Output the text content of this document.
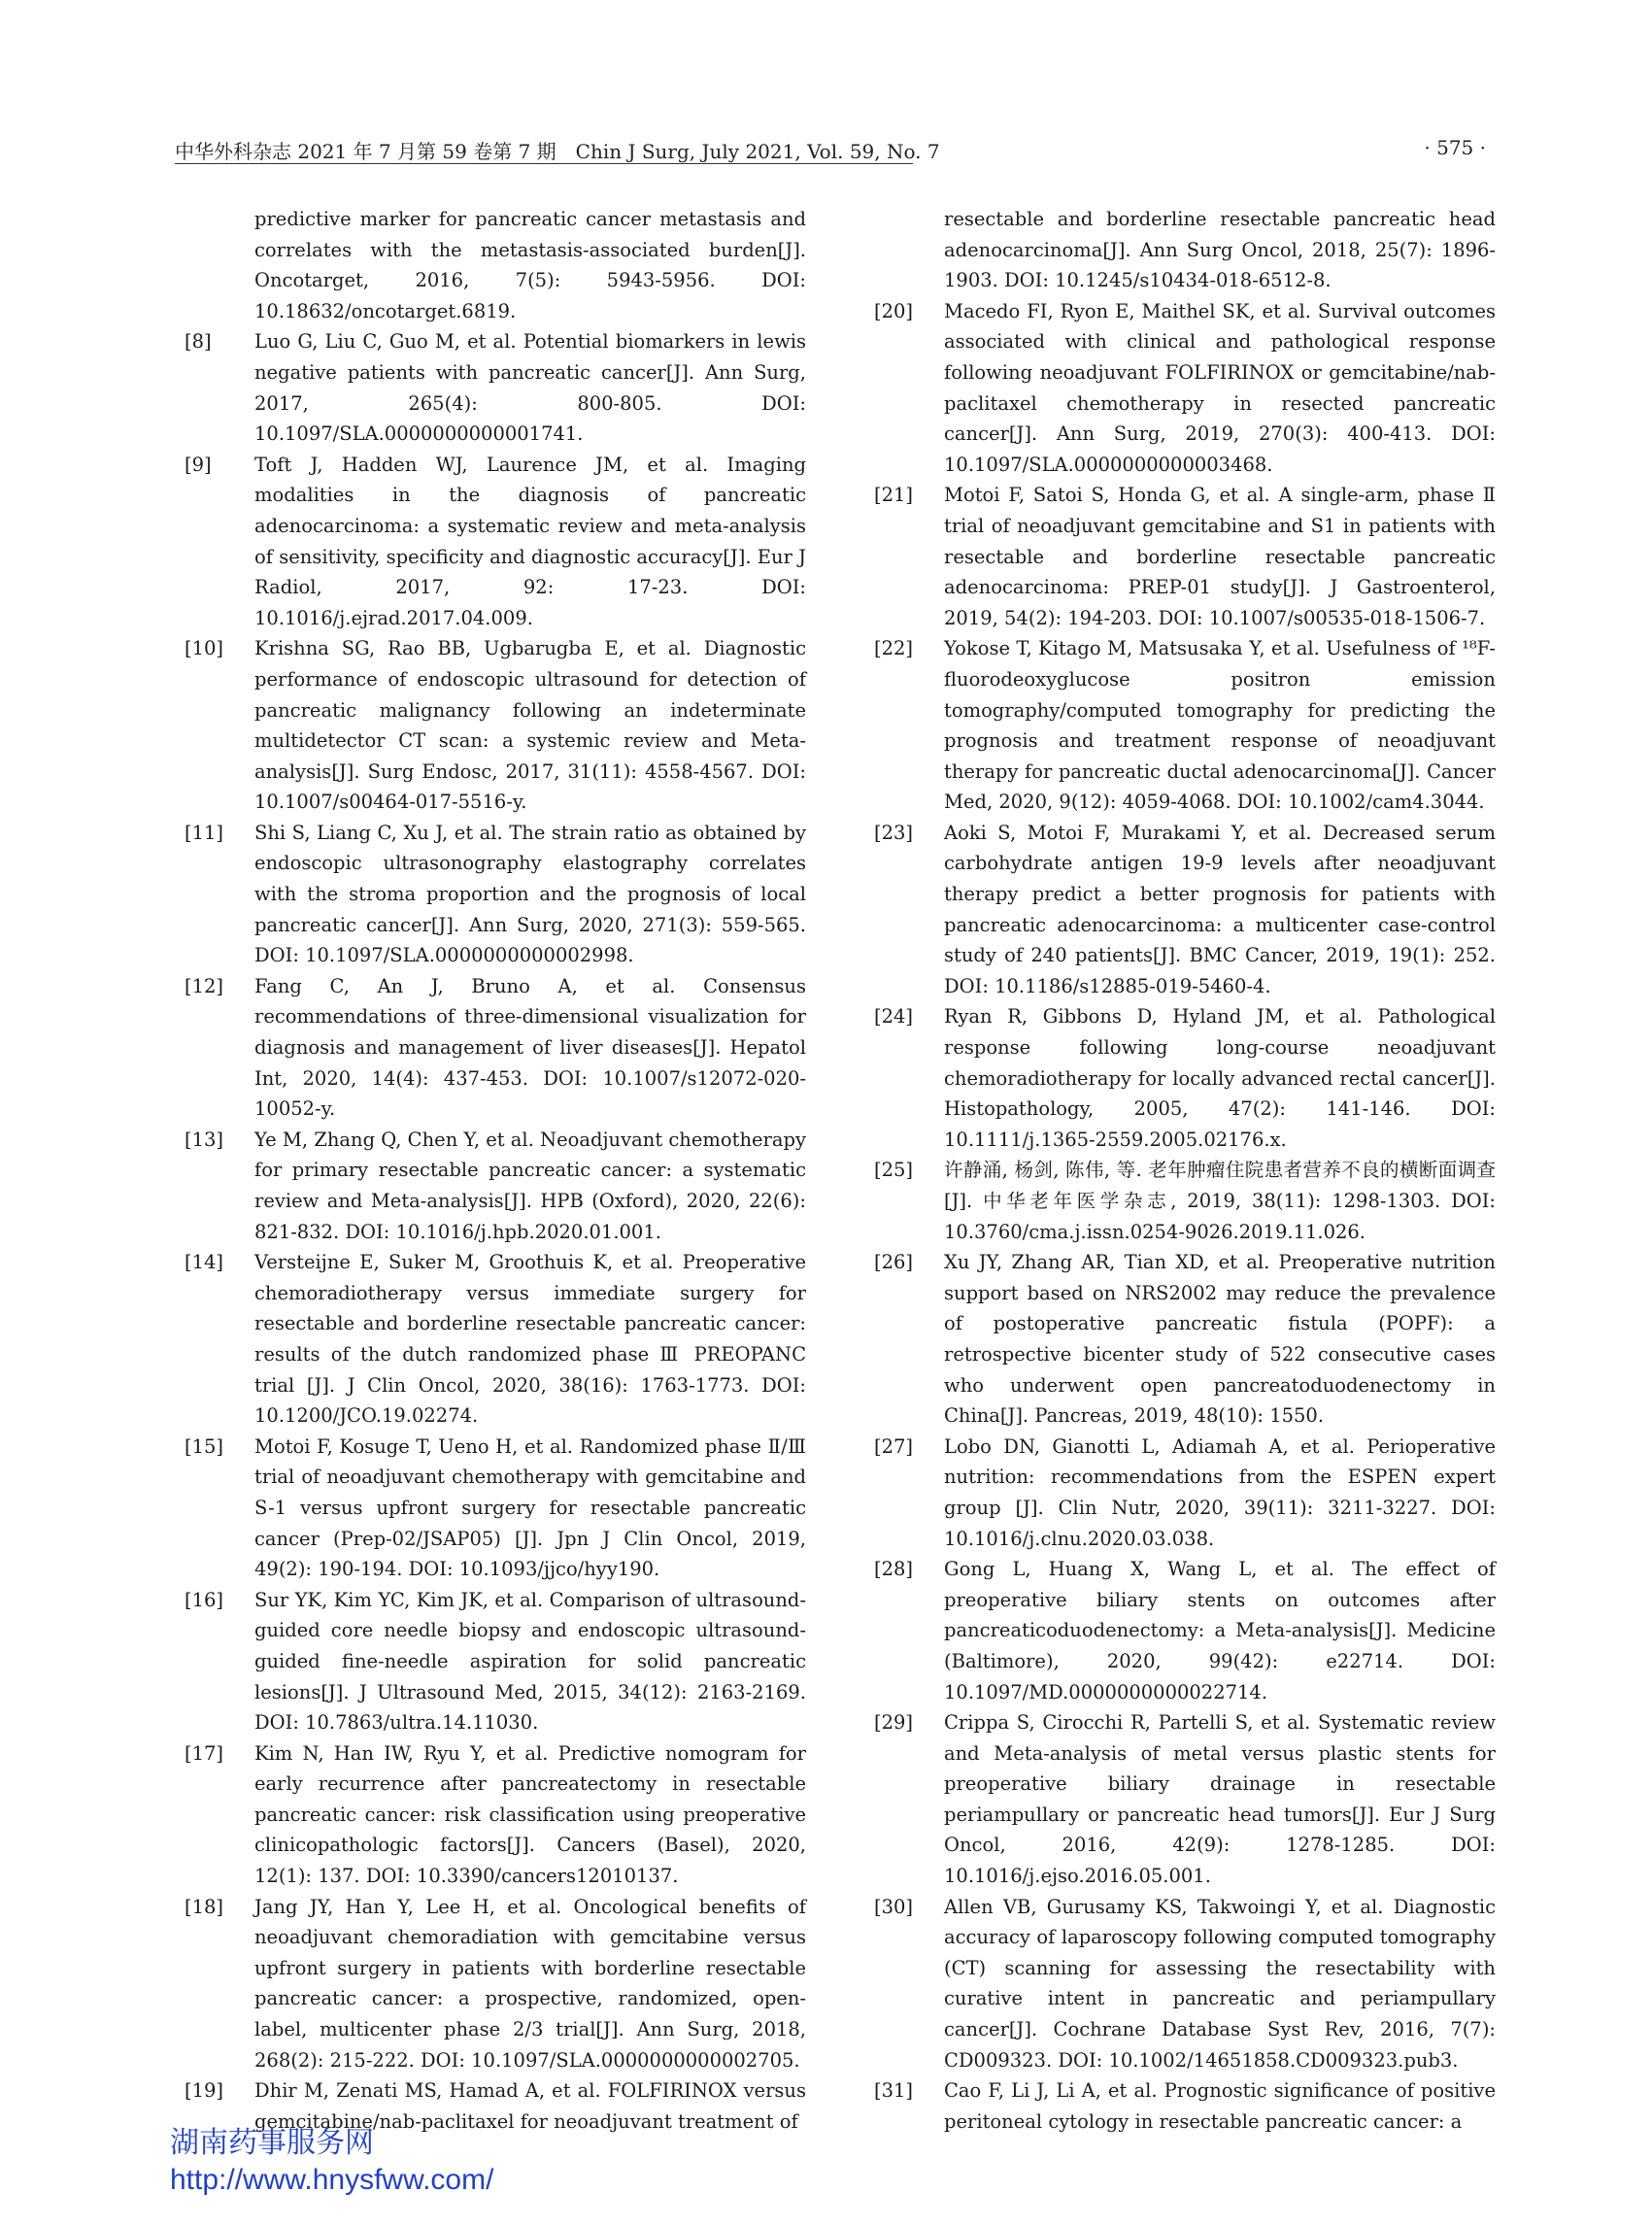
中华外科杂志 2021 年 7 月第 59 卷第 7 期　Chin J Surg, July 2021, Vol. 59, No. 7	· 575 ·
predictive marker for pancreatic cancer metastasis and correlates with the metastasis-associated burden[J]. Oncotarget, 2016, 7(5): 5943-5956. DOI: 10.18632/oncotarget.6819.
[8]	Luo G, Liu C, Guo M, et al. Potential biomarkers in lewis negative patients with pancreatic cancer[J]. Ann Surg, 2017, 265(4): 800-805. DOI: 10.1097/SLA.0000000000001741.
[9]	Toft J, Hadden WJ, Laurence JM, et al. Imaging modalities in the diagnosis of pancreatic adenocarcinoma: a systematic review and meta-analysis of sensitivity, specificity and diagnostic accuracy[J]. Eur J Radiol, 2017, 92: 17-23. DOI: 10.1016/j.ejrad.2017.04.009.
[10]	Krishna SG, Rao BB, Ugbarugba E, et al. Diagnostic performance of endoscopic ultrasound for detection of pancreatic malignancy following an indeterminate multidetector CT scan: a systemic review and Meta-analysis[J]. Surg Endosc, 2017, 31(11): 4558-4567. DOI: 10.1007/s00464-017-5516-y.
[11]	Shi S, Liang C, Xu J, et al. The strain ratio as obtained by endoscopic ultrasonography elastography correlates with the stroma proportion and the prognosis of local pancreatic cancer[J]. Ann Surg, 2020, 271(3): 559-565. DOI: 10.1097/SLA.0000000000002998.
[12]	Fang C, An J, Bruno A, et al. Consensus recommendations of three-dimensional visualization for diagnosis and management of liver diseases[J]. Hepatol Int, 2020, 14(4): 437-453. DOI: 10.1007/s12072-020-10052-y.
[13]	Ye M, Zhang Q, Chen Y, et al. Neoadjuvant chemotherapy for primary resectable pancreatic cancer: a systematic review and Meta-analysis[J]. HPB (Oxford), 2020, 22(6): 821-832. DOI: 10.1016/j.hpb.2020.01.001.
[14]	Versteijne E, Suker M, Groothuis K, et al. Preoperative chemoradiotherapy versus immediate surgery for resectable and borderline resectable pancreatic cancer: results of the dutch randomized phase Ⅲ PREOPANC trial [J]. J Clin Oncol, 2020, 38(16): 1763-1773. DOI: 10.1200/JCO.19.02274.
[15]	Motoi F, Kosuge T, Ueno H, et al. Randomized phase Ⅱ/Ⅲ trial of neoadjuvant chemotherapy with gemcitabine and S-1 versus upfront surgery for resectable pancreatic cancer (Prep-02/JSAP05) [J]. Jpn J Clin Oncol, 2019, 49(2): 190-194. DOI: 10.1093/jjco/hyy190.
[16]	Sur YK, Kim YC, Kim JK, et al. Comparison of ultrasound-guided core needle biopsy and endoscopic ultrasound-guided fine-needle aspiration for solid pancreatic lesions[J]. J Ultrasound Med, 2015, 34(12): 2163-2169. DOI: 10.7863/ultra.14.11030.
[17]	Kim N, Han IW, Ryu Y, et al. Predictive nomogram for early recurrence after pancreatectomy in resectable pancreatic cancer: risk classification using preoperative clinicopathologic factors[J]. Cancers (Basel), 2020, 12(1): 137. DOI: 10.3390/cancers12010137.
[18]	Jang JY, Han Y, Lee H, et al. Oncological benefits of neoadjuvant chemoradiation with gemcitabine versus upfront surgery in patients with borderline resectable pancreatic cancer: a prospective, randomized, open-label, multicenter phase 2/3 trial[J]. Ann Surg, 2018, 268(2): 215-222. DOI: 10.1097/SLA.0000000000002705.
[19]	Dhir M, Zenati MS, Hamad A, et al. FOLFIRINOX versus gemcitabine/nab-paclitaxel for neoadjuvant treatment of
resectable and borderline resectable pancreatic head adenocarcinoma[J]. Ann Surg Oncol, 2018, 25(7): 1896-1903. DOI: 10.1245/s10434-018-6512-8.
[20]	Macedo FI, Ryon E, Maithel SK, et al. Survival outcomes associated with clinical and pathological response following neoadjuvant FOLFIRINOX or gemcitabine/nab-paclitaxel chemotherapy in resected pancreatic cancer[J]. Ann Surg, 2019, 270(3): 400-413. DOI: 10.1097/SLA.0000000000003468.
[21]	Motoi F, Satoi S, Honda G, et al. A single-arm, phase Ⅱ trial of neoadjuvant gemcitabine and S1 in patients with resectable and borderline resectable pancreatic adenocarcinoma: PREP-01 study[J]. J Gastroenterol, 2019, 54(2): 194-203. DOI: 10.1007/s00535-018-1506-7.
[22]	Yokose T, Kitago M, Matsusaka Y, et al. Usefulness of ¹⁸F-fluorodeoxyglucose positron emission tomography/computed tomography for predicting the prognosis and treatment response of neoadjuvant therapy for pancreatic ductal adenocarcinoma[J]. Cancer Med, 2020, 9(12): 4059-4068. DOI: 10.1002/cam4.3044.
[23]	Aoki S, Motoi F, Murakami Y, et al. Decreased serum carbohydrate antigen 19-9 levels after neoadjuvant therapy predict a better prognosis for patients with pancreatic adenocarcinoma: a multicenter case-control study of 240 patients[J]. BMC Cancer, 2019, 19(1): 252. DOI: 10.1186/s12885-019-5460-4.
[24]	Ryan R, Gibbons D, Hyland JM, et al. Pathological response following long-course neoadjuvant chemoradiotherapy for locally advanced rectal cancer[J]. Histopathology, 2005, 47(2): 141-146. DOI: 10.1111/j.1365-2559.2005.02176.x.
[25]	许静涌, 杨剑, 陈伟, 等. 老年肿瘤住院患者营养不良的横断面调查[J]. 中华老年医学杂志, 2019, 38(11): 1298-1303. DOI: 10.3760/cma.j.issn.0254-9026.2019.11.026.
[26]	Xu JY, Zhang AR, Tian XD, et al. Preoperative nutrition support based on NRS2002 may reduce the prevalence of postoperative pancreatic fistula (POPF): a retrospective bicenter study of 522 consecutive cases who underwent open pancreatoduodenectomy in China[J]. Pancreas, 2019, 48(10): 1550.
[27]	Lobo DN, Gianotti L, Adiamah A, et al. Perioperative nutrition: recommendations from the ESPEN expert group [J]. Clin Nutr, 2020, 39(11): 3211-3227. DOI: 10.1016/j.clnu.2020.03.038.
[28]	Gong L, Huang X, Wang L, et al. The effect of preoperative biliary stents on outcomes after pancreaticoduodenectomy: a Meta-analysis[J]. Medicine (Baltimore), 2020, 99(42): e22714. DOI: 10.1097/MD.0000000000022714.
[29]	Crippa S, Cirocchi R, Partelli S, et al. Systematic review and Meta-analysis of metal versus plastic stents for preoperative biliary drainage in resectable periampullary or pancreatic head tumors[J]. Eur J Surg Oncol, 2016, 42(9): 1278-1285. DOI: 10.1016/j.ejso.2016.05.001.
[30]	Allen VB, Gurusamy KS, Takwoingi Y, et al. Diagnostic accuracy of laparoscopy following computed tomography (CT) scanning for assessing the resectability with curative intent in pancreatic and periampullary cancer[J]. Cochrane Database Syst Rev, 2016, 7(7): CD009323. DOI: 10.1002/14651858.CD009323.pub3.
[31]	Cao F, Li J, Li A, et al. Prognostic significance of positive peritoneal cytology in resectable pancreatic cancer: a
湖南药事服务网
http://www.hnysfww.com/
